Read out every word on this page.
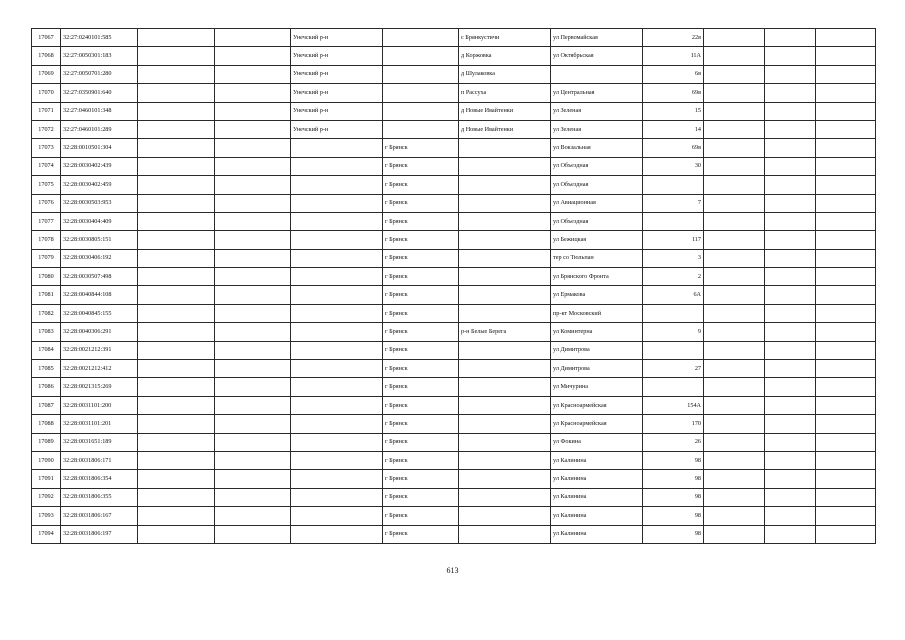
17067	32:27:0240101:585			Унечский р-н		с Брянкустичи	ул Первомайская	22в			
17068	32:27:0050301:183			Унечский р-н		д Коржовка	ул Октябрьская	11А			
17069	32:27:0050701:280			Унечский р-н		д Шулаковка		6в			
17070	32:27:0350901:640			Унечский р-н		п Рассуха	ул Центральная	69в			
17071	32:27:0460101:348			Унечский р-н		д Новые Ивайтенки	ул Зеленая	15			
17072	32:27:0460101:289			Унечский р-н		д Новые Ивайтенки	ул Зеленая	14			
17073	32:28:0010501:304				г Брянск		ул Вокзальная	69в			
17074	32:28:0030402:439				г Брянск		ул Объездная	30			
17075	32:28:0030402:459				г Брянск		ул Объездная				
17076	32:28:0030503:953				г Брянск		ул Авиационная	7			
17077	32:28:0030404:409				г Брянск		ул Объездная				
17078	32:28:0030805:151				г Брянск		ул Бежицкая	117			
17079	32:28:0030406:192				г Брянск		тер со Тюльпан	3			
17080	32:28:0030507:498				г Брянск		ул Брянского Фронта	2			
17081	32:28:0040844:108				г Брянск		ул Ермакова	6А			
17082	32:28:0040845:155				г Брянск		пр-кт Московский				
17083	32:28:0040306:291				г Брянск	р-н Белые Берега	ул Коминтерна	9			
17084	32:28:0021212:391				г Брянск		ул Димитрова				
17085	32:28:0021212:412				г Брянск		ул Димитрова	27			
17086	32:28:0021315:269				г Брянск		ул Мичурина				
17087	32:28:0031101:200				г Брянск		ул Красноармейская	154А			
17088	32:28:0031101:201				г Брянск		ул Красноармейская	170			
17089	32:28:0031651:189				г Брянск		ул Фокина	26			
17090	32:28:0031806:171				г Брянск		ул Калинина	98			
17091	32:28:0031806:354				г Брянск		ул Калинина	98			
17092	32:28:0031806:355				г Брянск		ул Калинина	98			
17093	32:28:0031806:167				г Брянск		ул Калинина	98			
17094	32:28:0031806:197				г Брянск		ул Калинина	98			
613
